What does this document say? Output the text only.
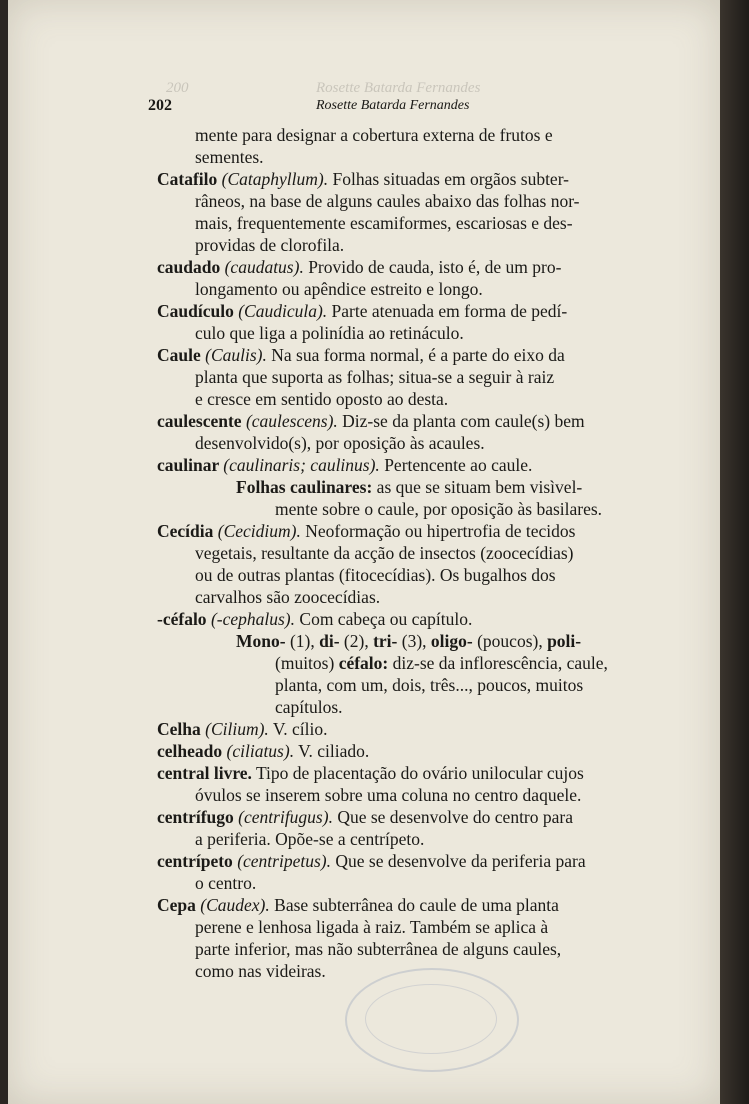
200                                  Rosette Batarda Fernandes
202	Rosette Batarda Fernandes
mente para designar a cobertura externa de frutos e
sementes.
Catafilo (Cataphyllum). Folhas situadas em orgãos subter-
râneos, na base de alguns caules abaixo das folhas nor-
mais, frequentemente escamiformes, escariosas e des-
providas de clorofila.
caudado (caudatus). Provido de cauda, isto é, de um pro-
longamento ou apêndice estreito e longo.
Caudículo (Caudicula). Parte atenuada em forma de pedí-
culo que liga a polinídia ao retináculo.
Caule (Caulis). Na sua forma normal, é a parte do eixo da
planta que suporta as folhas; situa-se a seguir à raiz
e cresce em sentido oposto ao desta.
caulescente (caulescens). Diz-se da planta com caule(s) bem
desenvolvido(s), por oposição às acaules.
caulinar (caulinaris; caulinus). Pertencente ao caule.
Folhas caulinares: as que se situam bem visìvel-
mente sobre o caule, por oposição às basilares.
Cecídia (Cecidium). Neoformação ou hipertrofia de tecidos
vegetais, resultante da acção de insectos (zoocecídias)
ou de outras plantas (fitocecídias). Os bugalhos dos
carvalhos são zoocecídias.
-céfalo (-cephalus). Com cabeça ou capítulo.
Mono- (1), di- (2), tri- (3), oligo- (poucos), poli-
(muitos) céfalo: diz-se da inflorescência, caule,
planta, com um, dois, três..., poucos, muitos
capítulos.
Celha (Cilium). V. cílio.
celheado (ciliatus). V. ciliado.
central livre. Tipo de placentação do ovário unilocular cujos
óvulos se inserem sobre uma coluna no centro daquele.
centrífugo (centrifugus). Que se desenvolve do centro para
a periferia. Opõe-se a centrípeto.
centrípeto (centripetus). Que se desenvolve da periferia para
o centro.
Cepa (Caudex). Base subterrânea do caule de uma planta
perene e lenhosa ligada à raiz. Também se aplica à
parte inferior, mas não subterrânea de alguns caules,
como nas videiras.
